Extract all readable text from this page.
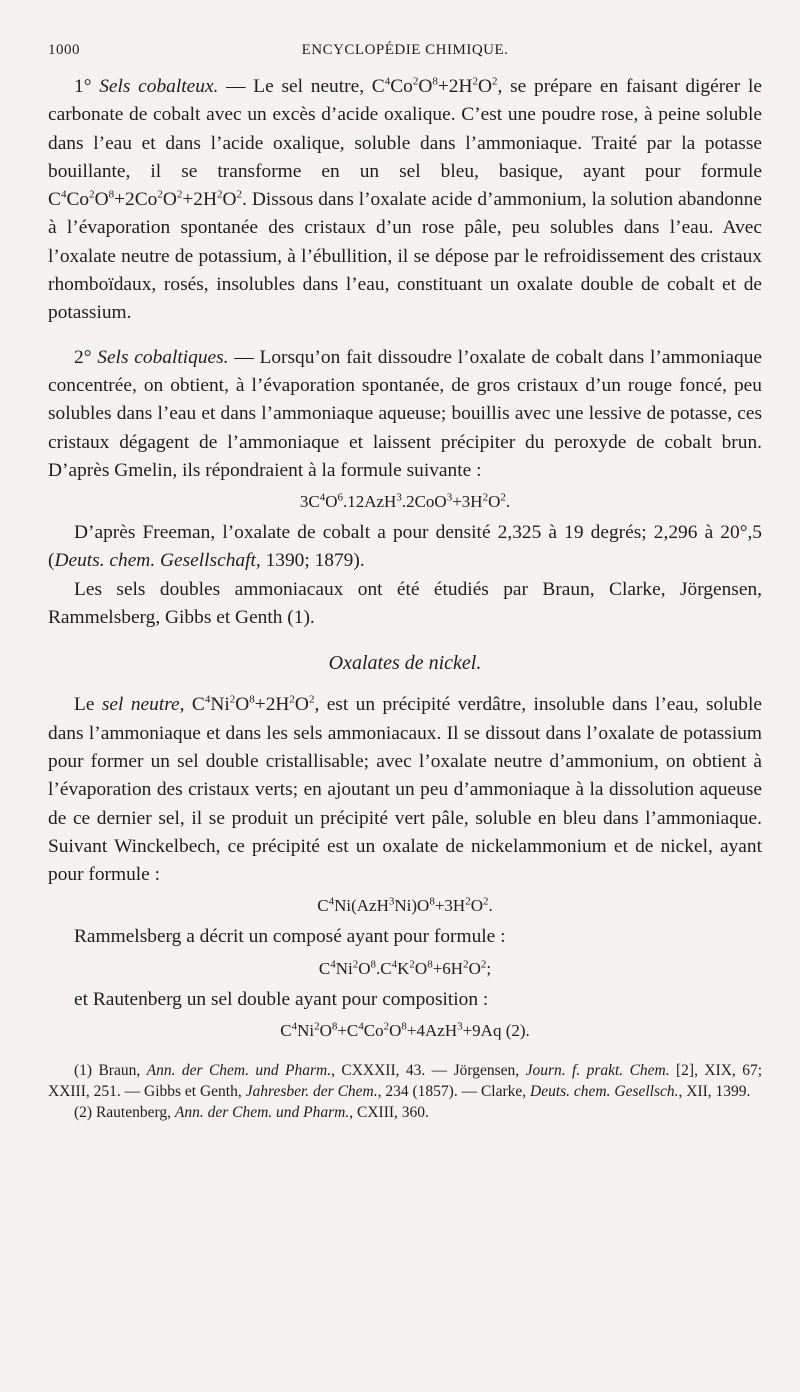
1000	ENCYCLOPÉDIE CHIMIQUE.

1° Sels cobalteux. — Le sel neutre, $C^4Co^2O^8+2H^2O^2$, se prépare en faisant digérer le carbonate de cobalt avec un excès d’acide oxalique. C’est une poudre rose, à peine soluble dans l’eau et dans l’acide oxalique, soluble dans l’ammoniaque. Traité par la potasse bouillante, il se transforme en un sel bleu, basique, ayant pour formule $C^4Co^2O^8+2Co^2O^2+2H^2O^2$. Dissous dans l’oxalate acide d’ammonium, la solution abandonne à l’évaporation spontanée des cristaux d’un rose pâle, peu solubles dans l’eau. Avec l’oxalate neutre de potassium, à l’ébullition, il se dépose par le refroidissement des cristaux rhomboïdaux, rosés, insolubles dans l’eau, constituant un oxalate double de cobalt et de potassium.

2° Sels cobaltiques. — Lorsqu’on fait dissoudre l’oxalate de cobalt dans l’ammoniaque concentrée, on obtient, à l’évaporation spontanée, de gros cristaux d’un rouge foncé, peu solubles dans l’eau et dans l’ammoniaque aqueuse; bouillis avec une lessive de potasse, ces cristaux dégagent de l’ammoniaque et laissent précipiter du peroxyde de cobalt brun. D’après Gmelin, ils répondraient à la formule suivante :

$3C^4O^6.12AzH^3.2CoO^3+3H^2O^2$.

D’après Freeman, l’oxalate de cobalt a pour densité 2,325 à 19 degrés; 2,296 à 20°,5 (Deuts. chem. Gesellschaft, 1390; 1879).

Les sels doubles ammoniacaux ont été étudiés par Braun, Clarke, Jörgensen, Rammelsberg, Gibbs et Genth (1).

Oxalates de nickel.

Le sel neutre, $C^4Ni^2O^8+2H^2O^2$, est un précipité verdâtre, insoluble dans l’eau, soluble dans l’ammoniaque et dans les sels ammoniacaux. Il se dissout dans l’oxalate de potassium pour former un sel double cristallisable; avec l’oxalate neutre d’ammonium, on obtient à l’évaporation des cristaux verts; en ajoutant un peu d’ammoniaque à la dissolution aqueuse de ce dernier sel, il se produit un précipité vert pâle, soluble en bleu dans l’ammoniaque. Suivant Winckelbech, ce précipité est un oxalate de nickelammonium et de nickel, ayant pour formule :

$C^4Ni(AzH^3Ni)O^8+3H^2O^2$.

Rammelsberg a décrit un composé ayant pour formule :

$C^4Ni^2O^8.C^4K^2O^8+6H^2O^2$;

et Rautenberg un sel double ayant pour composition :

$C^4Ni^2O^8+C^4Co^2O^8+4AzH^3+9Aq$ (2).

(1) Braun, Ann. der Chem. und Pharm., CXXXII, 43. — Jörgensen, Journ. f. prakt. Chem. [2], XIX, 67; XXIII, 251. — Gibbs et Genth, Jahresber. der Chem., 234 (1857). — Clarke, Deuts. chem. Gesellsch., XII, 1399.

(2) Rautenberg, Ann. der Chem. und Pharm., CXIII, 360.
